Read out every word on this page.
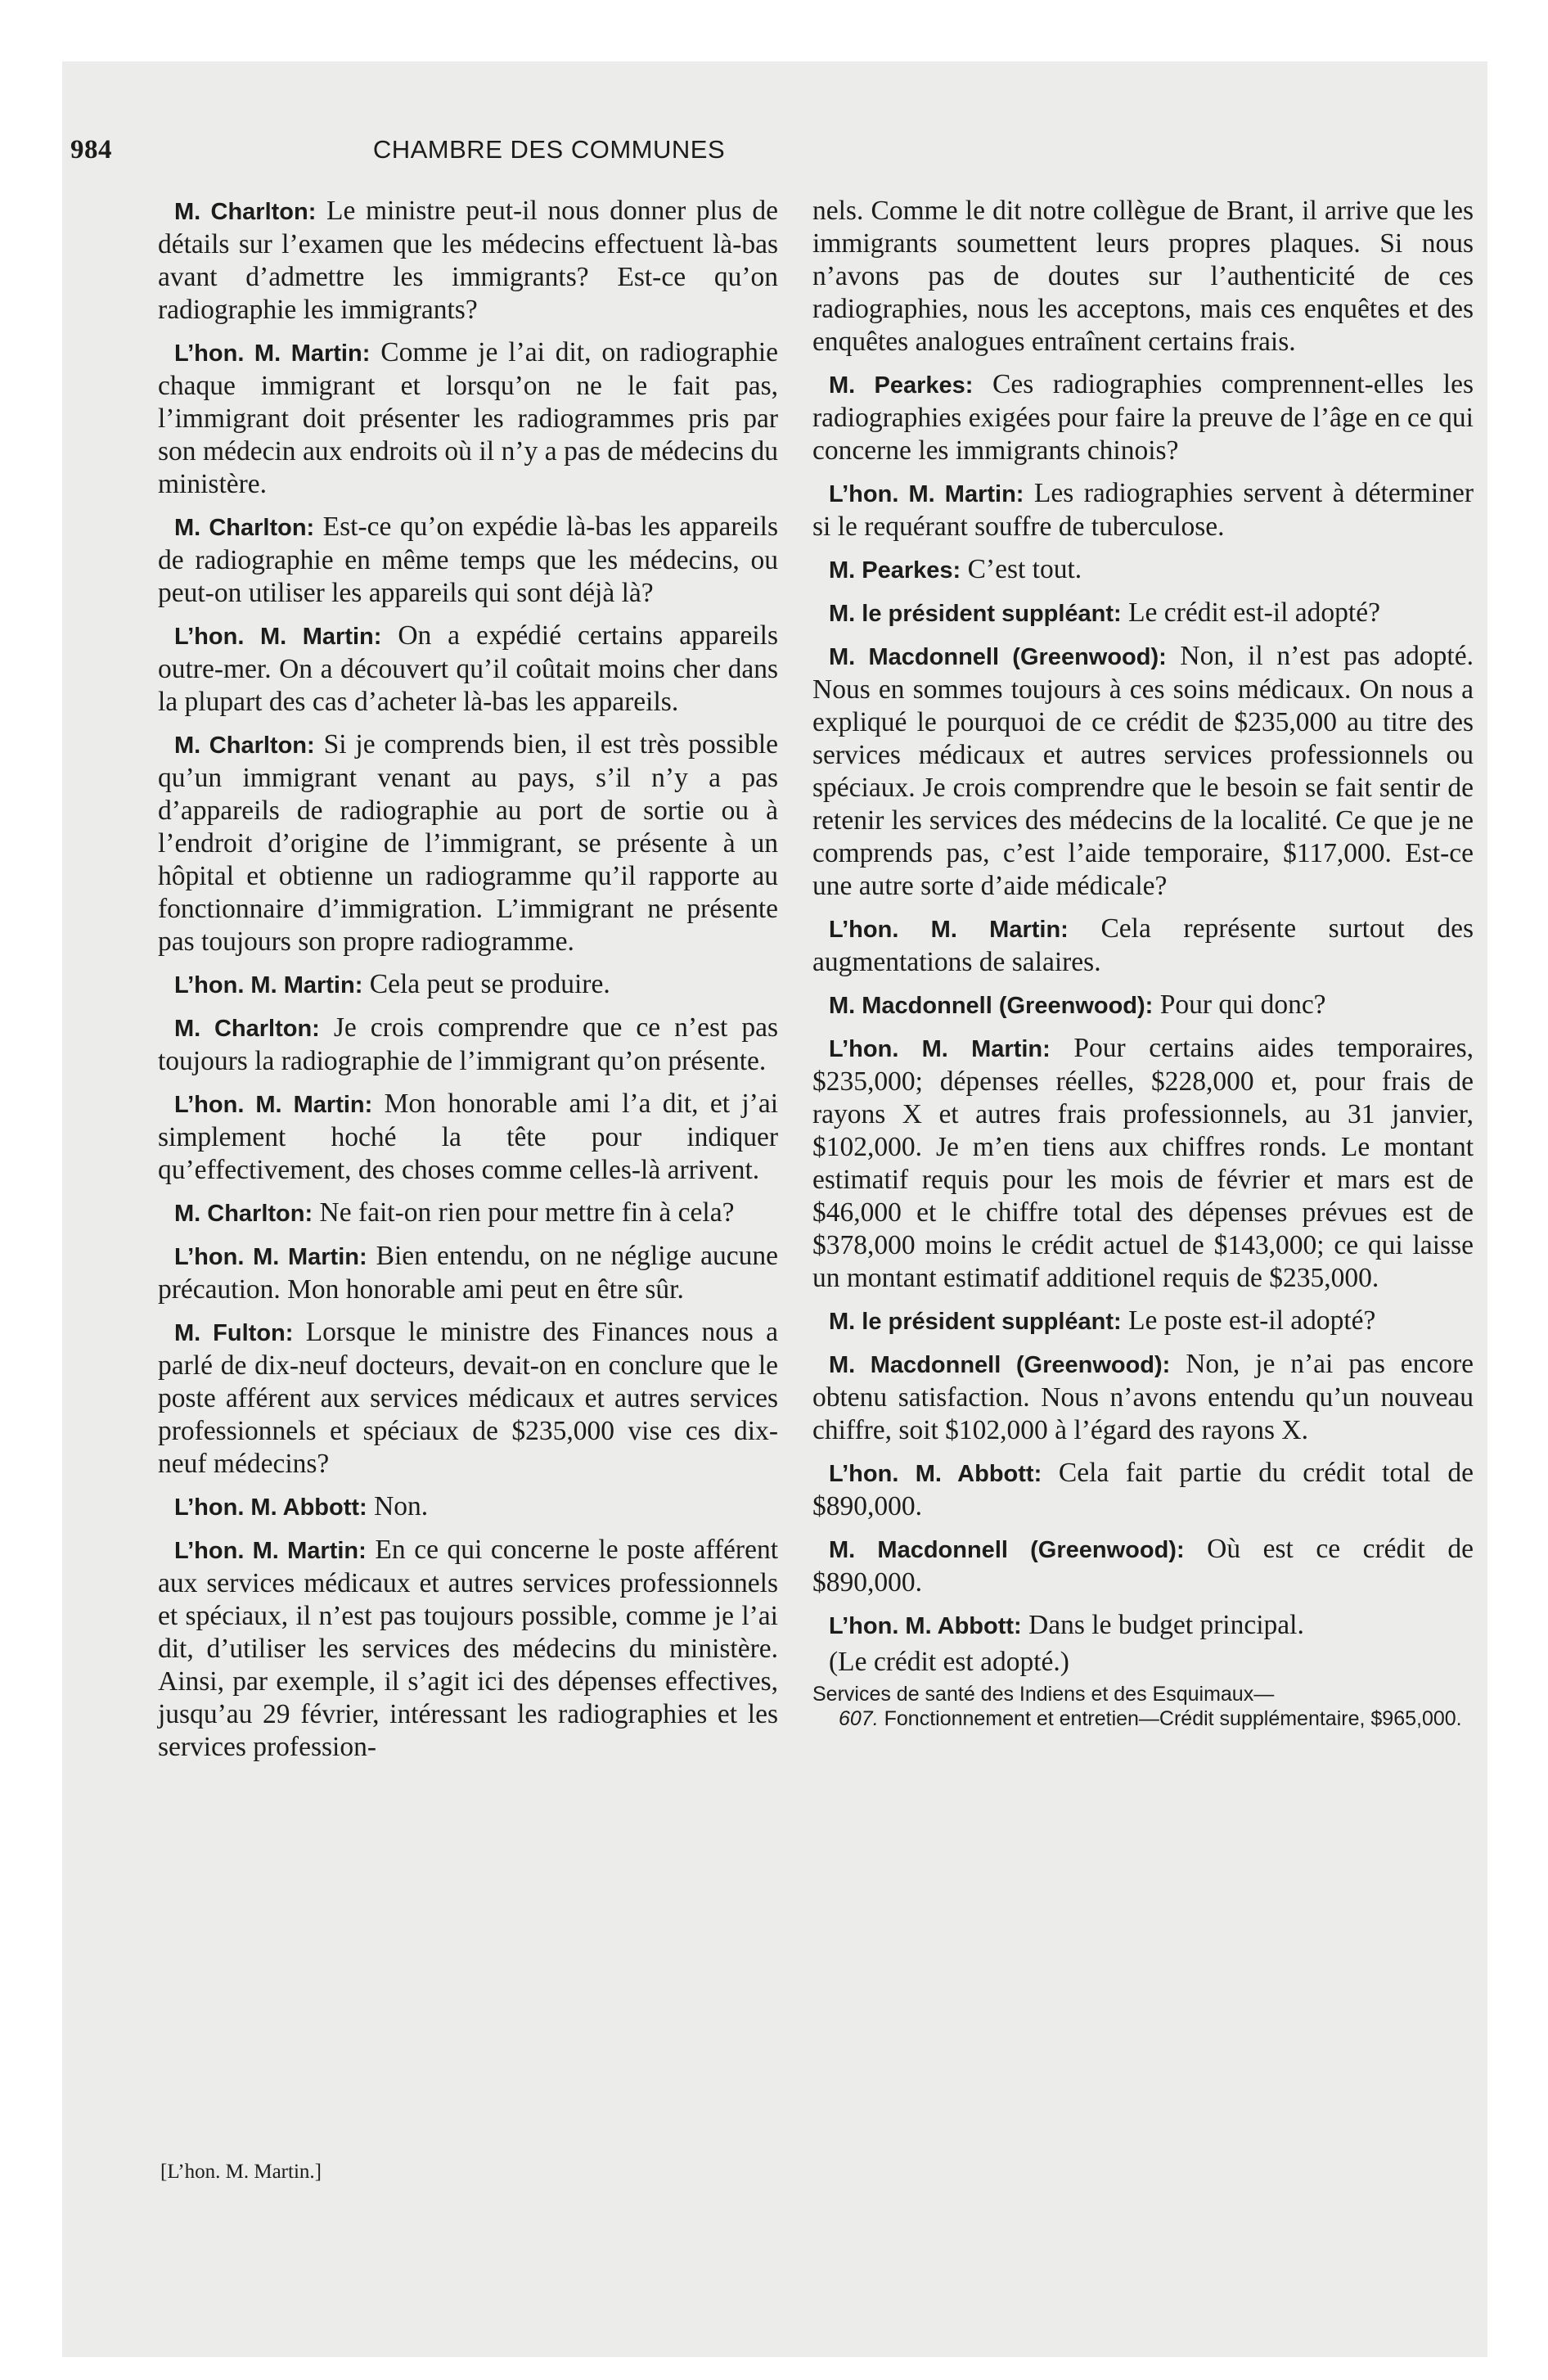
984	CHAMBRE DES COMMUNES

M. Charlton: Le ministre peut-il nous donner plus de détails sur l’examen que les médecins effectuent là-bas avant d’admettre les immigrants? Est-ce qu’on radiographie les immigrants?

L’hon. M. Martin: Comme je l’ai dit, on radiographie chaque immigrant et lorsqu’on ne le fait pas, l’immigrant doit présenter les radiogrammes pris par son médecin aux endroits où il n’y a pas de médecins du ministère.

M. Charlton: Est-ce qu’on expédie là-bas les appareils de radiographie en même temps que les médecins, ou peut-on utiliser les appareils qui sont déjà là?

L’hon. M. Martin: On a expédié certains appareils outre-mer. On a découvert qu’il coûtait moins cher dans la plupart des cas d’acheter là-bas les appareils.

M. Charlton: Si je comprends bien, il est très possible qu’un immigrant venant au pays, s’il n’y a pas d’appareils de radiographie au port de sortie ou à l’endroit d’origine de l’immigrant, se présente à un hôpital et obtienne un radiogramme qu’il rapporte au fonctionnaire d’immigration. L’immigrant ne présente pas toujours son propre radiogramme.

L’hon. M. Martin: Cela peut se produire.

M. Charlton: Je crois comprendre que ce n’est pas toujours la radiographie de l’immigrant qu’on présente.

L’hon. M. Martin: Mon honorable ami l’a dit, et j’ai simplement hoché la tête pour indiquer qu’effectivement, des choses comme celles-là arrivent.

M. Charlton: Ne fait-on rien pour mettre fin à cela?

L’hon. M. Martin: Bien entendu, on ne néglige aucune précaution. Mon honorable ami peut en être sûr.

M. Fulton: Lorsque le ministre des Finances nous a parlé de dix-neuf docteurs, devait-on en conclure que le poste afférent aux services médicaux et autres services professionnels et spéciaux de $235,000 vise ces dix-neuf médecins?

L’hon. M. Abbott: Non.

L’hon. M. Martin: En ce qui concerne le poste afférent aux services médicaux et autres services professionnels et spéciaux, il n’est pas toujours possible, comme je l’ai dit, d’utiliser les services des médecins du ministère. Ainsi, par exemple, il s’agit ici des dépenses effectives, jusqu’au 29 février, intéressant les radiographies et les services profession-

[L’hon. M. Martin.]

nels. Comme le dit notre collègue de Brant, il arrive que les immigrants soumettent leurs propres plaques. Si nous n’avons pas de doutes sur l’authenticité de ces radiographies, nous les acceptons, mais ces enquêtes et des enquêtes analogues entraînent certains frais.

M. Pearkes: Ces radiographies comprennent-elles les radiographies exigées pour faire la preuve de l’âge en ce qui concerne les immigrants chinois?

L’hon. M. Martin: Les radiographies servent à déterminer si le requérant souffre de tuberculose.

M. Pearkes: C’est tout.

M. le président suppléant: Le crédit est-il adopté?

M. Macdonnell (Greenwood): Non, il n’est pas adopté. Nous en sommes toujours à ces soins médicaux. On nous a expliqué le pourquoi de ce crédit de $235,000 au titre des services médicaux et autres services professionnels ou spéciaux. Je crois comprendre que le besoin se fait sentir de retenir les services des médecins de la localité. Ce que je ne comprends pas, c’est l’aide temporaire, $117,000. Est-ce une autre sorte d’aide médicale?

L’hon. M. Martin: Cela représente surtout des augmentations de salaires.

M. Macdonnell (Greenwood): Pour qui donc?

L’hon. M. Martin: Pour certains aides temporaires, $235,000; dépenses réelles, $228,000 et, pour frais de rayons X et autres frais professionnels, au 31 janvier, $102,000. Je m’en tiens aux chiffres ronds. Le montant estimatif requis pour les mois de février et mars est de $46,000 et le chiffre total des dépenses prévues est de $378,000 moins le crédit actuel de $143,000; ce qui laisse un montant estimatif additionel requis de $235,000.

M. le président suppléant: Le poste est-il adopté?

M. Macdonnell (Greenwood): Non, je n’ai pas encore obtenu satisfaction. Nous n’avons entendu qu’un nouveau chiffre, soit $102,000 à l’égard des rayons X.

L’hon. M. Abbott: Cela fait partie du crédit total de $890,000.

M. Macdonnell (Greenwood): Où est ce crédit de $890,000.

L’hon. M. Abbott: Dans le budget principal.

(Le crédit est adopté.)

Services de santé des Indiens et des Esquimaux—
607. Fonctionnement et entretien—Crédit supplémentaire, $965,000.
